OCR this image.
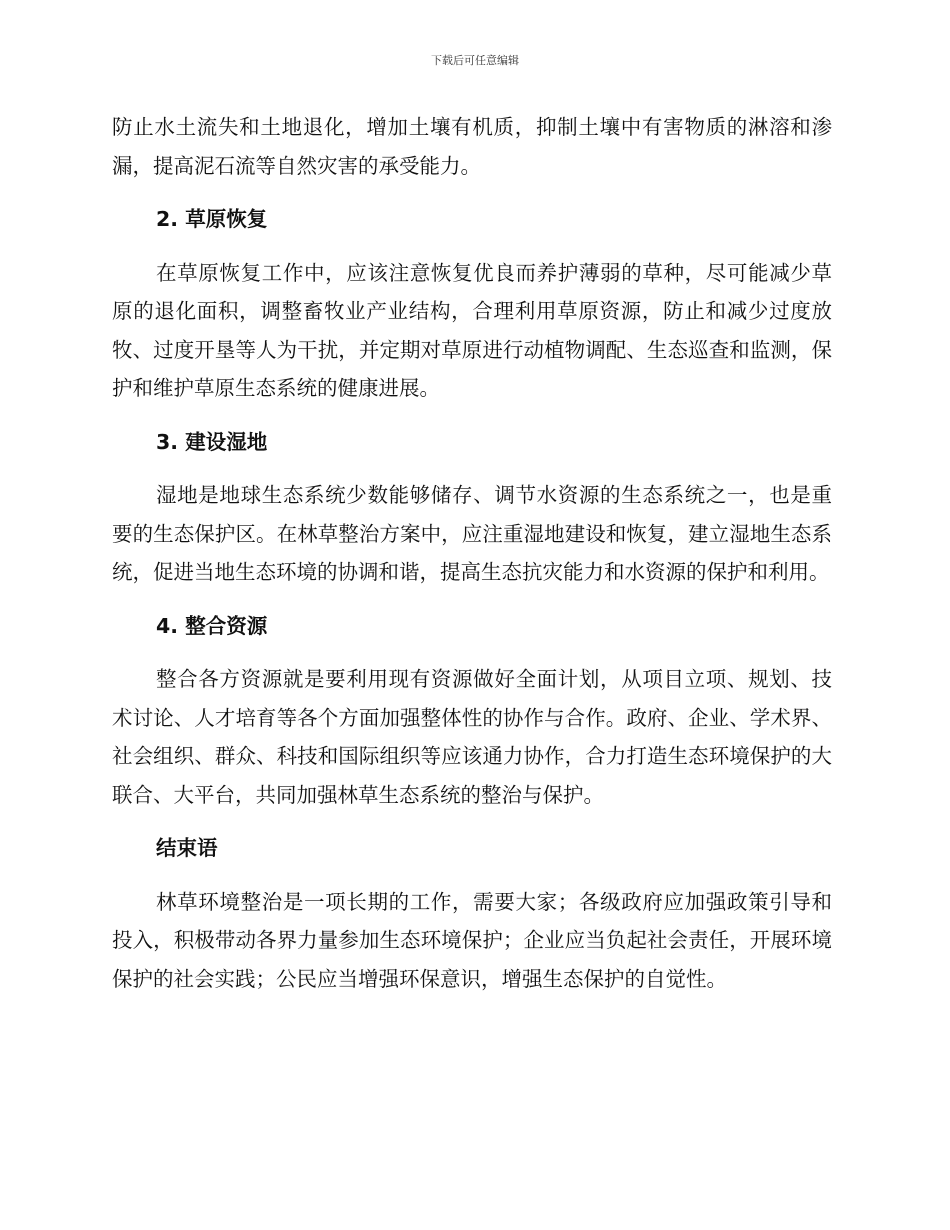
下载后可任意编辑

防止水土流失和土地退化，增加土壤有机质，抑制土壤中有害物质的淋溶和渗漏，提高泥石流等自然灾害的承受能力。

2. 草原恢复

在草原恢复工作中，应该注意恢复优良而养护薄弱的草种，尽可能减少草原的退化面积，调整畜牧业产业结构，合理利用草原资源，防止和减少过度放牧、过度开垦等人为干扰，并定期对草原进行动植物调配、生态巡查和监测，保护和维护草原生态系统的健康进展。

3. 建设湿地

湿地是地球生态系统少数能够储存、调节水资源的生态系统之一，也是重要的生态保护区。在林草整治方案中，应注重湿地建设和恢复，建立湿地生态系统，促进当地生态环境的协调和谐，提高生态抗灾能力和水资源的保护和利用。

4. 整合资源

整合各方资源就是要利用现有资源做好全面计划，从项目立项、规划、技术讨论、人才培育等各个方面加强整体性的协作与合作。政府、企业、学术界、社会组织、群众、科技和国际组织等应该通力协作，合力打造生态环境保护的大联合、大平台，共同加强林草生态系统的整治与保护。

结束语

林草环境整治是一项长期的工作，需要大家；各级政府应加强政策引导和投入，积极带动各界力量参加生态环境保护；企业应当负起社会责任，开展环境保护的社会实践；公民应当增强环保意识，增强生态保护的自觉性。
